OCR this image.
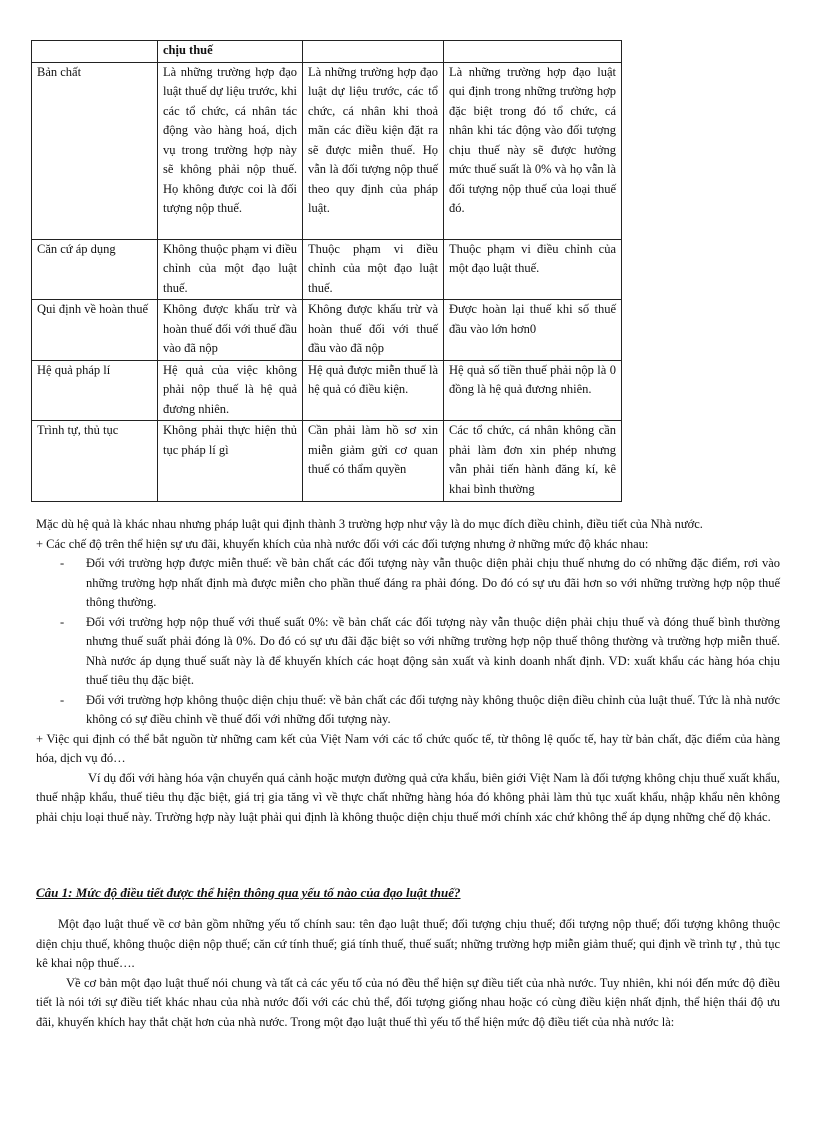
	chịu thuế		
Bản chất	Là những trường hợp đạo luật thuế dự liệu trước, khi các tổ chức, cá nhân tác động vào hàng hoá, dịch vụ trong trường hợp này sẽ không phải nộp thuế. Họ không được coi là đối tượng nộp thuế.	Là những trường hợp đạo luật dự liệu trước, các tổ chức, cá nhân khi thoả mãn các điều kiện đặt ra sẽ được miễn thuế. Họ vẫn là đối tượng nộp thuế theo quy định của pháp luật.	Là những trường hợp đạo luật qui định trong những trường hợp đặc biệt trong đó tổ chức, cá nhân khi tác động vào đối tượng chịu thuế này sẽ được hưởng mức thuế suất là 0% và họ vẫn là đối tượng nộp thuế của loại thuế đó.
Căn cứ áp dụng	Không thuộc phạm vi điều chỉnh của một đạo luật thuế.	Thuộc phạm vi điều chỉnh của một đạo luật thuế.	Thuộc phạm vi điều chỉnh của một đạo luật thuế.
Qui định về hoàn thuế	Không được khấu trừ và hoàn thuế đối với thuế đầu vào đã nộp	Không được khấu trừ và hoàn thuế đối với thuế đầu vào đã nộp	Được hoàn lại thuế khi số thuế đầu vào lớn hơn0
Hệ quả pháp lí	Hệ quả của việc không phải nộp thuế là hệ quả đương nhiên.	Hệ quả được miễn thuế là hệ quả có điều kiện.	Hệ quả số tiền thuế phải nộp là 0 đồng là hệ quả đương nhiên.
Trình tự, thủ tục	Không phải thực hiện thủ tục pháp lí gì	Cần phải làm hồ sơ xin miễn giảm gửi cơ quan thuế có thẩm quyền	Các tổ chức, cá nhân không cần phải làm đơn xin phép nhưng vẫn phải tiến hành đăng kí, kê khai bình thường

Mặc dù hệ quả là khác nhau nhưng pháp luật qui định thành 3 trường hợp như vậy là do mục đích điều chỉnh, điều tiết của Nhà nước.

+ Các chế độ trên thể hiện sự ưu đãi, khuyến khích của nhà nước đối với các đối tượng nhưng ở những mức độ khác nhau:

-	Đối với trường hợp được miễn thuế: về bản chất các đối tượng này vẫn thuộc diện phải chịu thuế nhưng do có những đặc điểm, rơi vào những trường hợp nhất định mà được miễn cho phần thuế đáng ra phải đóng. Do đó có sự ưu đãi hơn so với những trường hợp nộp thuế thông thường.
-	Đối với trường hợp nộp thuế với thuế suất 0%: về bản chất các đối tượng này vẫn thuộc diện phải chịu thuế và đóng thuế bình thường nhưng thuế suất phải đóng là 0%. Do đó có sự ưu đãi đặc biệt so với những trường hợp nộp thuế thông thường và trường hợp miễn thuế. Nhà nước áp dụng thuế suất này là để khuyến khích các hoạt động sản xuất và kinh doanh nhất định. VD: xuất khẩu các hàng hóa chịu thuế tiêu thụ đặc biệt.
-	Đối với trường hợp không thuộc diện chịu thuế: về bản chất các đối tượng này không thuộc diện điều chỉnh của luật thuế. Tức là nhà nước không có sự điều chỉnh về thuế đối với những đối tượng này.

+ Việc qui định có thể bắt nguồn từ những cam kết của Việt Nam với các tổ chức quốc tế, từ thông lệ quốc tế, hay từ bản chất, đặc điểm của hàng hóa, dịch vụ đó…

Ví dụ đối với hàng hóa vận chuyển quá cảnh hoặc mượn đường quả cửa khẩu, biên giới Việt Nam là đối tượng không chịu thuế xuất khẩu, thuế nhập khẩu, thuế tiêu thụ đặc biệt, giá trị gia tăng vì về thực chất những hàng hóa đó không phải làm thủ tục xuất khẩu, nhập khẩu nên không phải chịu loại thuế này. Trường hợp này luật phải qui định là không thuộc diện chịu thuế mới chính xác chứ không thể áp dụng những chế độ khác.

Câu 1: Mức độ điều tiết được thể hiện thông qua yếu tố nào của đạo luật thuế?

Một đạo luật thuế về cơ bản gồm những yếu tố chính sau: tên đạo luật thuế; đối tượng chịu thuế; đối tượng nộp thuế; đối tượng không thuộc diện chịu thuế, không thuộc diện nộp thuế; căn cứ tính thuế; giá tính thuế, thuế suất; những trường hợp miễn giảm thuế; qui định về trình tự , thủ tục kê khai nộp thuế….

Về cơ bản một đạo luật thuế nói chung và tất cả các yếu tố của nó đều thể hiện sự điều tiết của nhà nước. Tuy nhiên, khi nói đến mức độ điều tiết là nói tới sự điều tiết khác nhau của nhà nước đối với các chủ thể, đối tượng giống nhau hoặc có cùng điều kiện nhất định, thể hiện thái độ ưu đãi, khuyến khích hay thắt chặt hơn của nhà nước. Trong một đạo luật thuế thì yếu tố thể hiện mức độ điều tiết của nhà nước là:
